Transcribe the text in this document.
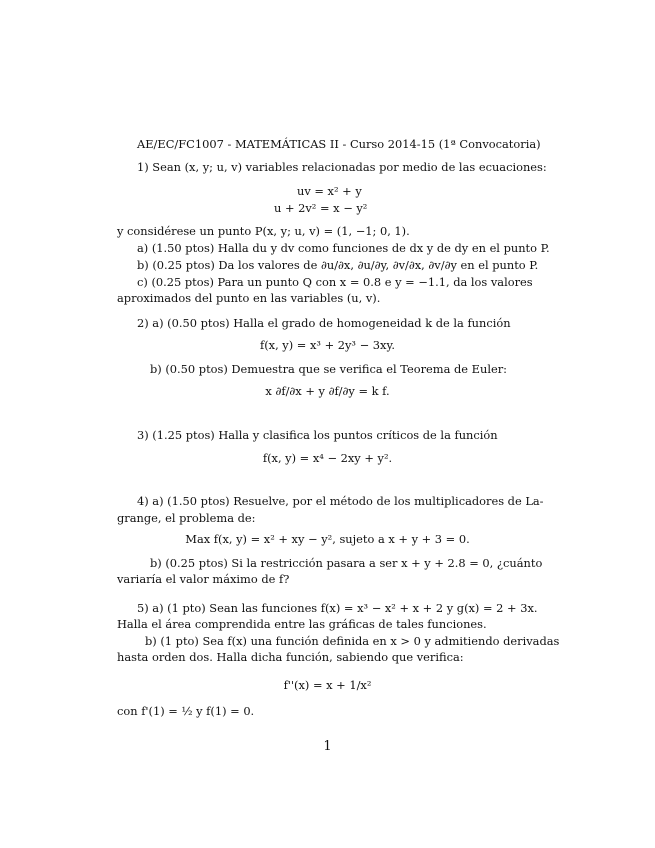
AE/EC/FC1007 - MATEMÁTICAS II - Curso 2014-15 (1ª Convocatoria)
1) Sean (x, y; u, v) variables relacionadas por medio de las ecuaciones:
uv = x² + y
u + 2v² = x − y²
y considérese un punto P(x, y; u, v) = (1, −1; 0, 1).
a) (1.50 ptos) Halla du y dv como funciones de dx y de dy en el punto P.
b) (0.25 ptos) Da los valores de ∂u/∂x, ∂u/∂y, ∂v/∂x, ∂v/∂y en el punto P.
c) (0.25 ptos) Para un punto Q con x = 0.8 e y = −1.1, da los valores
aproximados del punto en las variables (u, v).
2) a) (0.50 ptos) Halla el grado de homogeneidad k de la función
f(x, y) = x³ + 2y³ − 3xy.
b) (0.50 ptos) Demuestra que se verifica el Teorema de Euler:
x ∂f/∂x + y ∂f/∂y = k f.
3) (1.25 ptos) Halla y clasifica los puntos críticos de la función
f(x, y) = x⁴ − 2xy + y².
4) a) (1.50 ptos) Resuelve, por el método de los multiplicadores de La-
grange, el problema de:
Max f(x, y) = x² + xy − y², sujeto a x + y + 3 = 0.
b) (0.25 ptos) Si la restricción pasara a ser x + y + 2.8 = 0, ¿cuánto
variaría el valor máximo de f?
5) a) (1 pto) Sean las funciones f(x) = x³ − x² + x + 2 y g(x) = 2 + 3x.
Halla el área comprendida entre las gráficas de tales funciones.
b) (1 pto) Sea f(x) una función definida en x > 0 y admitiendo derivadas
hasta orden dos. Halla dicha función, sabiendo que verifica:
f''(x) = x + 1/x²
con f'(1) = ½ y f(1) = 0.
1
